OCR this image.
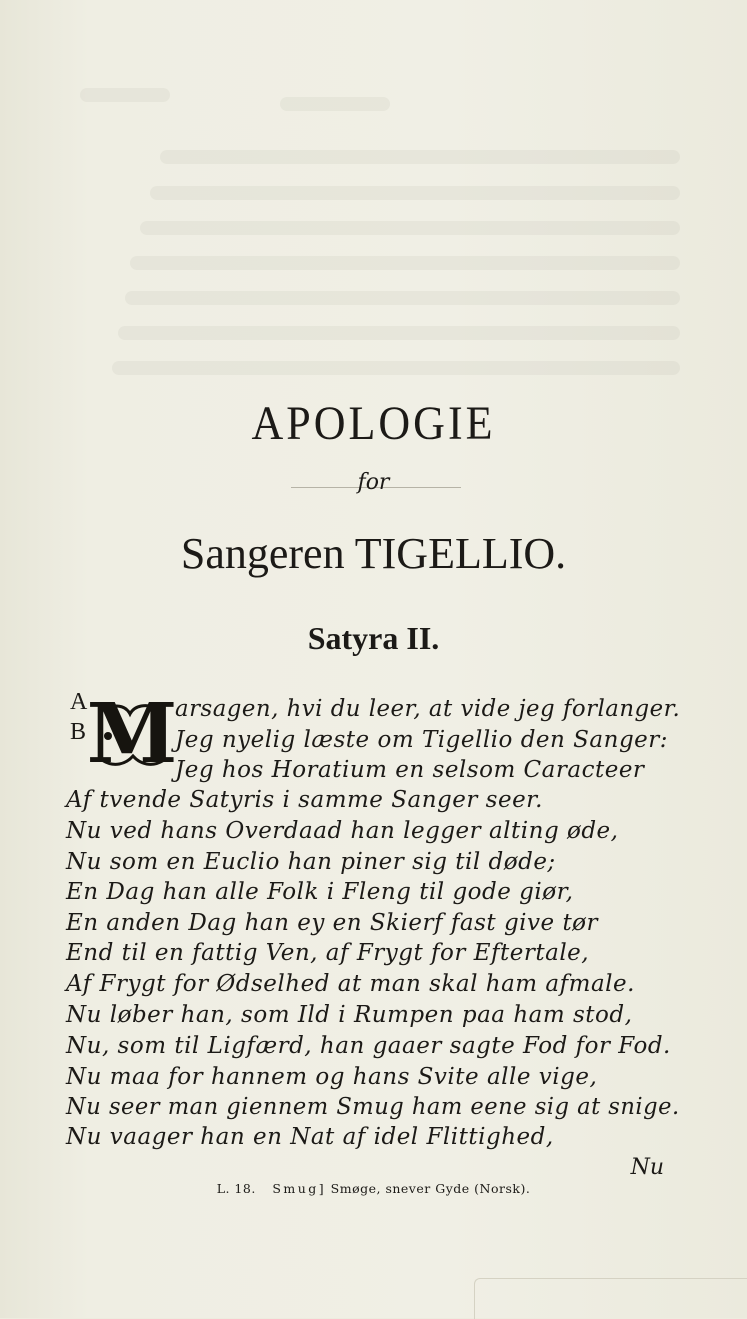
APOLOGIE
for
Sangeren TIGELLIO.
Satyra II.
A
B M
arsagen, hvi du leer, at vide jeg forlanger.
Jeg nyelig læste om Tigellio den Sanger:
Jeg hos Horatium en selsom Caracteer
Af tvende Satyris i samme Sanger seer.
Nu ved hans Overdaad han legger alting øde,
Nu som en Euclio han piner sig til døde;
En Dag han alle Folk i Fleng til gode giør,
En anden Dag han ey en Skierf fast give tør
End til en fattig Ven, af Frygt for Eftertale,
Af Frygt for Ødselhed at man skal ham afmale.
Nu løber han, som Ild i Rumpen paa ham stod,
Nu, som til Ligfærd, han gaaer sagte Fod for Fod.
Nu maa for hannem og hans Svite alle vige,
Nu seer man giennem Smug ham eene sig at snige.
Nu vaager han en Nat af idel Flittighed,
Nu
L. 18. Smug] Smøge, snever Gyde (Norsk).
